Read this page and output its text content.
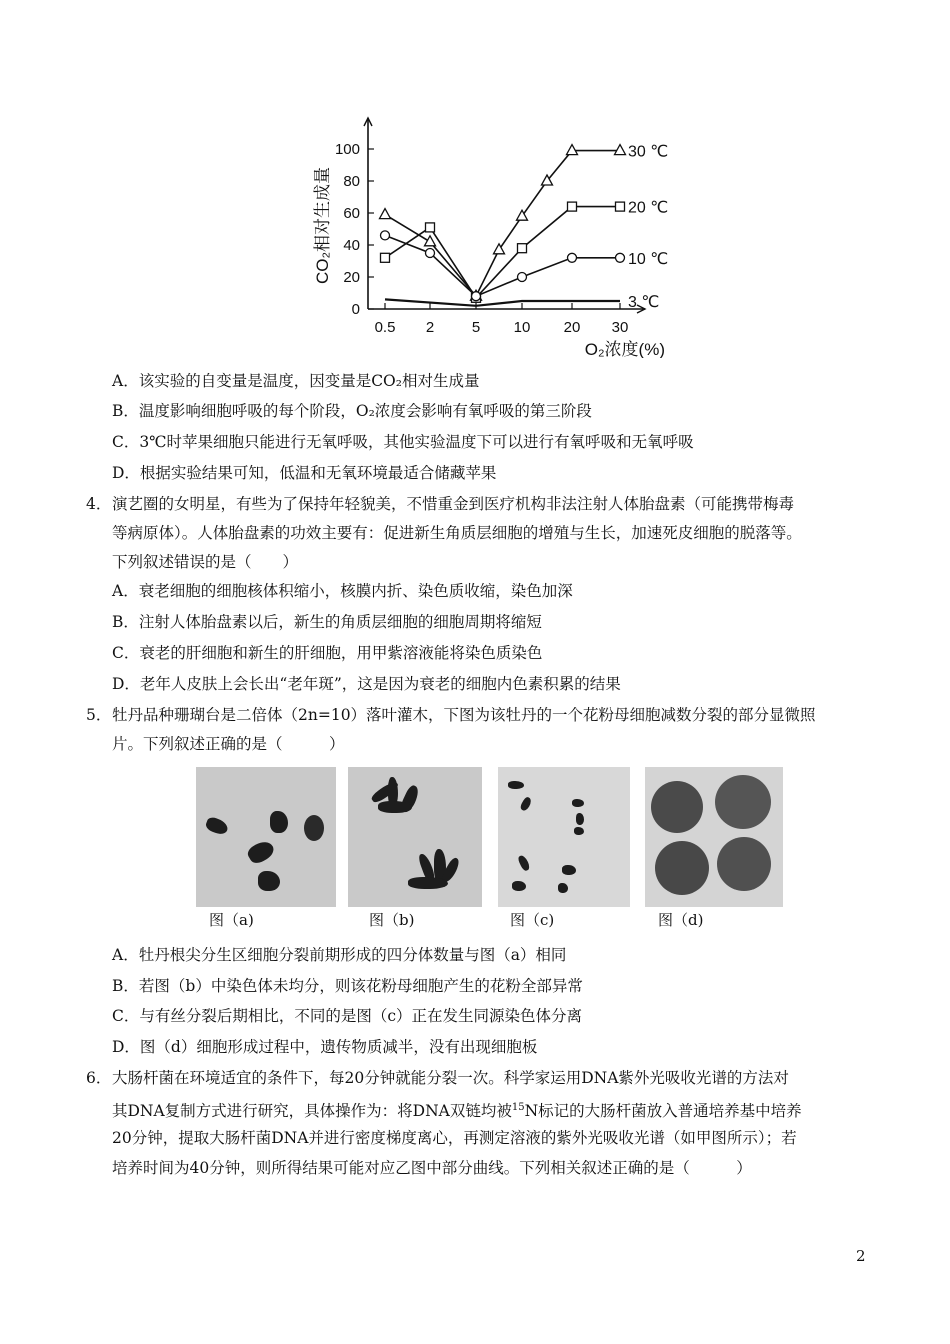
0
20
40
60
80
100
0.5 2	5 10 20 30
CO₂相对生成量
O₂浓度(%)
30 ℃
20 ℃
10 ℃
3 ℃
A．该实验的自变量是温度，因变量是CO₂相对生成量
B．温度影响细胞呼吸的每个阶段，O₂浓度会影响有氧呼吸的第三阶段
C．3℃时苹果细胞只能进行无氧呼吸，其他实验温度下可以进行有氧呼吸和无氧呼吸
D．根据实验结果可知，低温和无氧环境最适合储藏苹果
4． 演艺圈的女明星，有些为了保持年轻貌美，不惜重金到医疗机构非法注射人体胎盘素（可能携带梅毒
等病原体）。人体胎盘素的功效主要有：促进新生角质层细胞的增殖与生长，加速死皮细胞的脱落等。
下列叙述错误的是（　　）
A．衰老细胞的细胞核体积缩小，核膜内折、染色质收缩，染色加深
B．注射人体胎盘素以后，新生的角质层细胞的细胞周期将缩短
C．衰老的肝细胞和新生的肝细胞，用甲紫溶液能将染色质染色
D．老年人皮肤上会长出“老年斑”，这是因为衰老的细胞内色素积累的结果
5． 牡丹品种珊瑚台是二倍体（2n=10）落叶灌木，下图为该牡丹的一个花粉母细胞减数分裂的部分显微照
片。下列叙述正确的是（　　　）
图（a)	图（b)	图（c)	图（d)
A．牡丹根尖分生区细胞分裂前期形成的四分体数量与图（a）相同
B．若图（b）中染色体未均分，则该花粉母细胞产生的花粉全部异常
C．与有丝分裂后期相比，不同的是图（c）正在发生同源染色体分离
D．图（d）细胞形成过程中，遗传物质减半，没有出现细胞板
6． 大肠杆菌在环境适宜的条件下，每20分钟就能分裂一次。科学家运用DNA紫外光吸收光谱的方法对
其DNA复制方式进行研究，具体操作为：将DNA双链均被$^{15}$N标记的大肠杆菌放入普通培养基中培养
20分钟，提取大肠杆菌DNA并进行密度梯度离心，再测定溶液的紫外光吸收光谱（如甲图所示）；若
培养时间为40分钟，则所得结果可能对应乙图中部分曲线。下列相关叙述正确的是（　　　）
2
